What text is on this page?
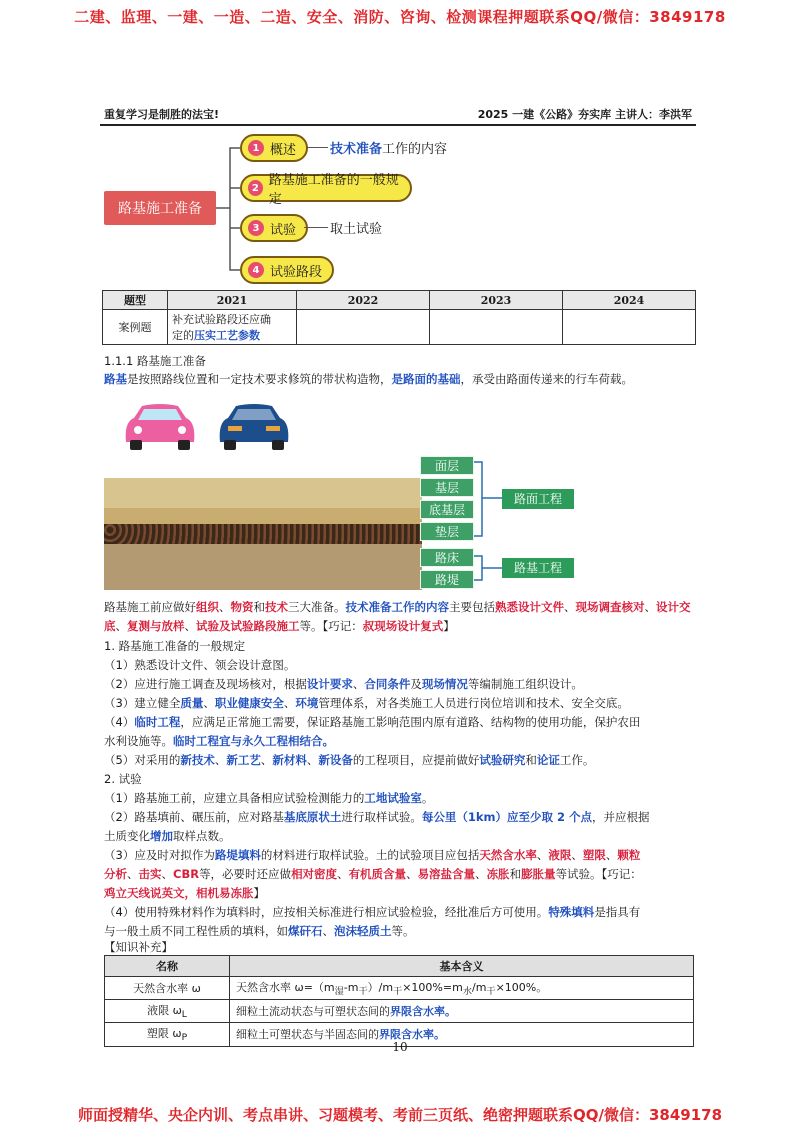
二建、监理、一建、一造、二造、安全、消防、咨询、检测课程押题联系QQ/微信：3849178
重复学习是制胜的法宝!	2025 一建《公路》夯实库 主讲人：李洪军
路基施工准备
1 概述	技术准备工作的内容
2 路基施工准备的一般规定
3 试验	取土试验
4 试验路段
题型	2021	2022	2023	2024
案例题	补充试验路段还应确
定的压实工艺参数			
1.1.1 路基施工准备
路基是按照路线位置和一定技术要求修筑的带状构造物，是路面的基础，承受由路面传递来的行车荷载。
面层
基层
底基层
垫层
路床
路堤
路面工程
路基工程
路基施工前应做好组织、物资和技术三大准备。技术准备工作的内容主要包括熟悉设计文件、现场调查核对、设计交底、复测与放样、试验及试验路段施工等。【巧记：叔现场设计复式】
1. 路基施工准备的一般规定
（1）熟悉设计文件、领会设计意图。
（2）应进行施工调查及现场核对，根据设计要求、合同条件及现场情况等编制施工组织设计。
（3）建立健全质量、职业健康安全、环境管理体系，对各类施工人员进行岗位培训和技术、安全交底。
（4）临时工程，应满足正常施工需要，保证路基施工影响范围内原有道路、结构物的使用功能，保护农田
水利设施等。临时工程宜与永久工程相结合。
（5）对采用的新技术、新工艺、新材料、新设备的工程项目，应提前做好试验研究和论证工作。
2. 试验
（1）路基施工前，应建立具备相应试验检测能力的工地试验室。
（2）路基填前、碾压前，应对路基基底原状土进行取样试验。每公里（1km）应至少取 2 个点，并应根据
土质变化增加取样点数。
（3）应及时对拟作为路堤填料的材料进行取样试验。土的试验项目应包括天然含水率、液限、塑限、颗粒
分析、击实、CBR等，必要时还应做相对密度、有机质含量、易溶盐含量、冻胀和膨胀量等试验。【巧记：
鸡立天线说英文，相机易冻胀】
（4）使用特殊材料作为填料时，应按相关标准进行相应试验检验，经批准后方可使用。特殊填料是指具有
与一般土质不同工程性质的填料，如煤矸石、泡沫轻质土等。
【知识补充】
名称	基本含义
天然含水率 ω	天然含水率 $\omega=(m_湿-m_干)/m_干\times 100\%=m_水/m_干\times 100\%$。
液限 $\omega_L$	细粒土流动状态与可塑状态间的界限含水率。
塑限 $\omega_P$	细粒土可塑状态与半固态间的界限含水率。
10
师面授精华、央企内训、考点串讲、习题模考、考前三页纸、绝密押题联系QQ/微信：3849178
